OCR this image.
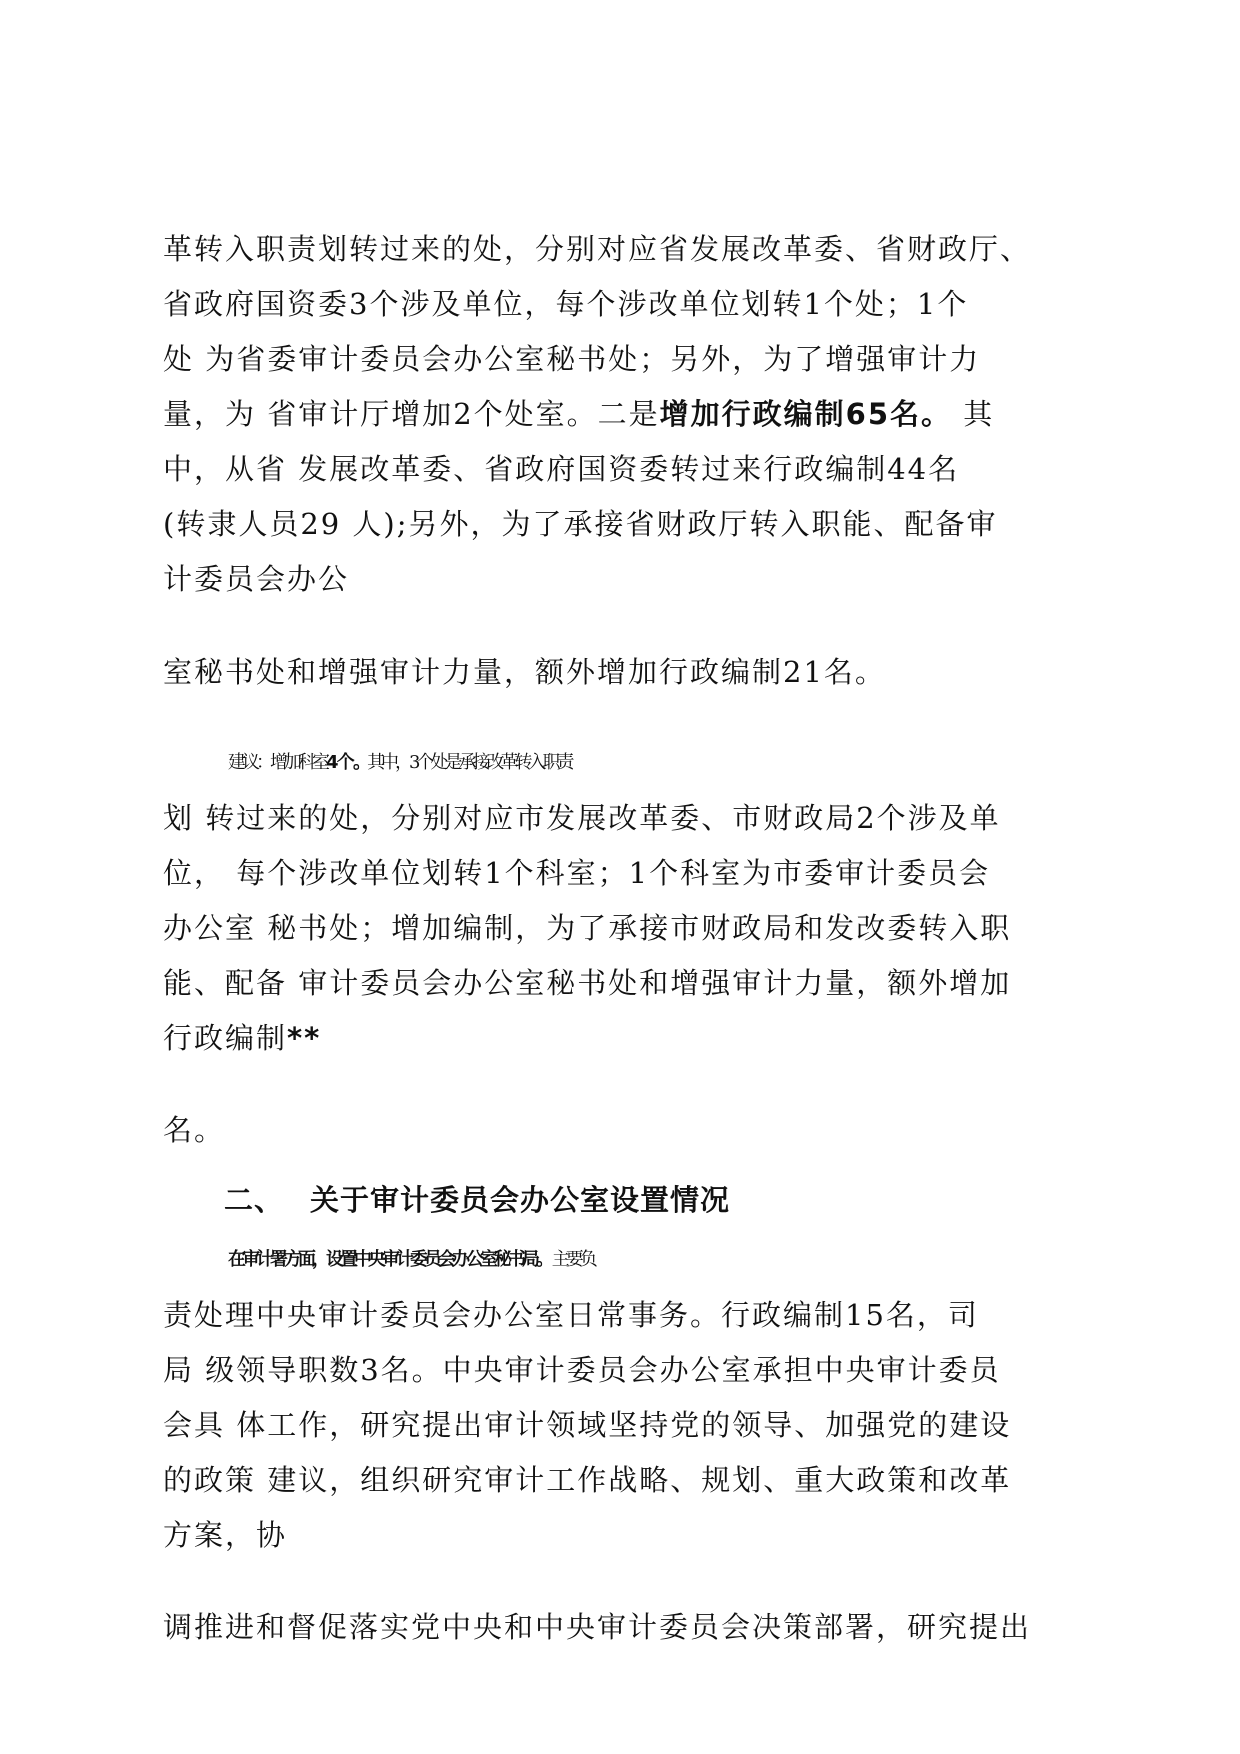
革转入职责划转过来的处，分别对应省发展改革委、省财政厅、
省政府国资委3个涉及单位，每个涉改单位划转1个处；1个
处 为省委审计委员会办公室秘书处；另外，为了增强审计力
量，为 省审计厅增加2个处室。二是增加行政编制65名。 其
中，从省 发展改革委、省政府国资委转过来行政编制44名
(转隶人员29 人);另外，为了承接省财政厅转入职能、配备审
计委员会办公
室秘书处和增强审计力量，额外增加行政编制21名。
建议：增加科室4 个 。其中，3个处是承接改革转入职责
划 转过来的处，分别对应市发展改革委、市财政局2个涉及单
位， 每个涉改单位划转1个科室；1个科室为市委审计委员会
办公室 秘书处；增加编制，为了承接市财政局和发改委转入职
能、配备 审计委员会办公室秘书处和增强审计力量，额外增加
行政编制**
名。
二、 关于审计委员会办公室设置情况
在审计署方面，设置中央审计委员会办公室秘书局。 主要负
责处理中央审计委员会办公室日常事务。行政编制15名，司
局 级领导职数3名。中央审计委员会办公室承担中央审计委员
会具 体工作，研究提出审计领域坚持党的领导、加强党的建设
的政策 建议，组织研究审计工作战略、规划、重大政策和改革
方案，协
调推进和督促落实党中央和中央审计委员会决策部署，研究提出
